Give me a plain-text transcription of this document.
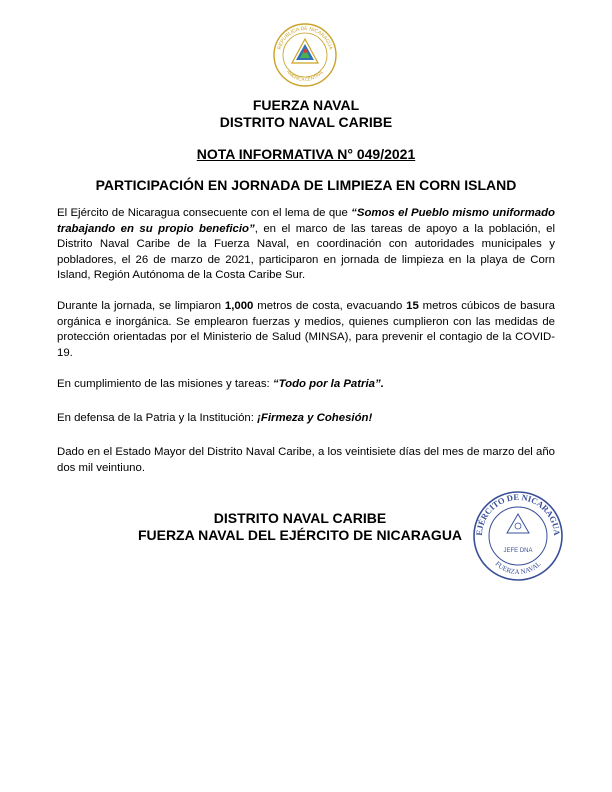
REPUBLICA DE NICARAGUA
AMERICA CENTRAL
FUERZA NAVAL
DISTRITO NAVAL CARIBE
NOTA INFORMATIVA N° 049/2021
PARTICIPACIÓN EN JORNADA DE LIMPIEZA EN CORN ISLAND
El Ejército de Nicaragua consecuente con el lema de que “Somos el Pueblo mismo uniformado trabajando en su propio beneficio”, en el marco de las tareas de apoyo a la población, el Distrito Naval Caribe de la Fuerza Naval, en coordinación con autoridades municipales y pobladores, el 26 de marzo de 2021, participaron en jornada de limpieza en la playa de Corn Island, Región Autónoma de la Costa Caribe Sur.
Durante la jornada, se limpiaron 1,000 metros de costa, evacuando 15 metros cúbicos de basura orgánica e inorgánica. Se emplearon fuerzas y medios, quienes cumplieron con las medidas de protección orientadas por el Ministerio de Salud (MINSA), para prevenir el contagio de la COVID-19.
En cumplimiento de las misiones y tareas: “Todo por la Patria”.
En defensa de la Patria y la Institución: ¡Firmeza y Cohesión!
Dado en el Estado Mayor del Distrito Naval Caribe, a los veintisiete días del mes de marzo del año dos mil veintiuno.
DISTRITO NAVAL CARIBE
FUERZA NAVAL DEL EJÉRCITO DE NICARAGUA	EJÉRCITO DE NICARAGUA
FUERZA NAVAL
JEFE DNA
